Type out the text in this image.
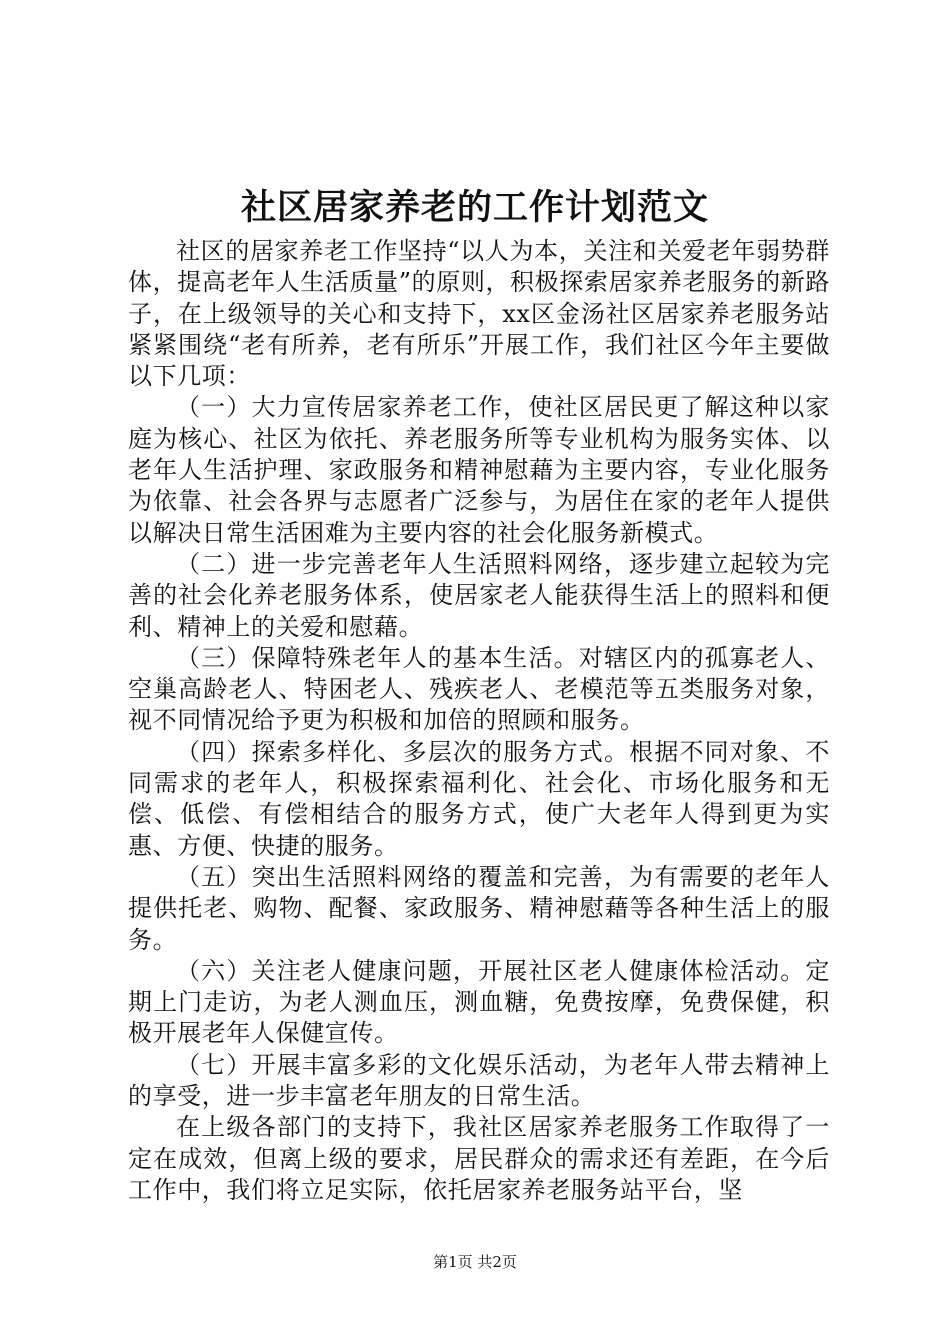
社区居家养老的工作计划范文

社区的居家养老工作坚持“以人为本，关注和关爱老年弱势群体，提高老年人生活质量”的原则，积极探索居家养老服务的新路子，在上级领导的关心和支持下，xx区金汤社区居家养老服务站紧紧围绕“老有所养，老有所乐”开展工作，我们社区今年主要做以下几项：

（一）大力宣传居家养老工作，使社区居民更了解这种以家庭为核心、社区为依托、养老服务所等专业机构为服务实体、以老年人生活护理、家政服务和精神慰藉为主要内容，专业化服务为依靠、社会各界与志愿者广泛参与，为居住在家的老年人提供以解决日常生活困难为主要内容的社会化服务新模式。

（二）进一步完善老年人生活照料网络，逐步建立起较为完善的社会化养老服务体系，使居家老人能获得生活上的照料和便利、精神上的关爱和慰藉。

（三）保障特殊老年人的基本生活。对辖区内的孤寡老人、空巢高龄老人、特困老人、残疾老人、老模范等五类服务对象，视不同情况给予更为积极和加倍的照顾和服务。

（四）探索多样化、多层次的服务方式。根据不同对象、不同需求的老年人，积极探索福利化、社会化、市场化服务和无偿、低偿、有偿相结合的服务方式，使广大老年人得到更为实惠、方便、快捷的服务。

（五）突出生活照料网络的覆盖和完善，为有需要的老年人提供托老、购物、配餐、家政服务、精神慰藉等各种生活上的服务。

（六）关注老人健康问题，开展社区老人健康体检活动。定期上门走访，为老人测血压，测血糖，免费按摩，免费保健，积极开展老年人保健宣传。

（七）开展丰富多彩的文化娱乐活动，为老年人带去精神上的享受，进一步丰富老年朋友的日常生活。

在上级各部门的支持下，我社区居家养老服务工作取得了一定在成效，但离上级的要求，居民群众的需求还有差距，在今后工作中，我们将立足实际，依托居家养老服务站平台，坚

第1页 共2页
